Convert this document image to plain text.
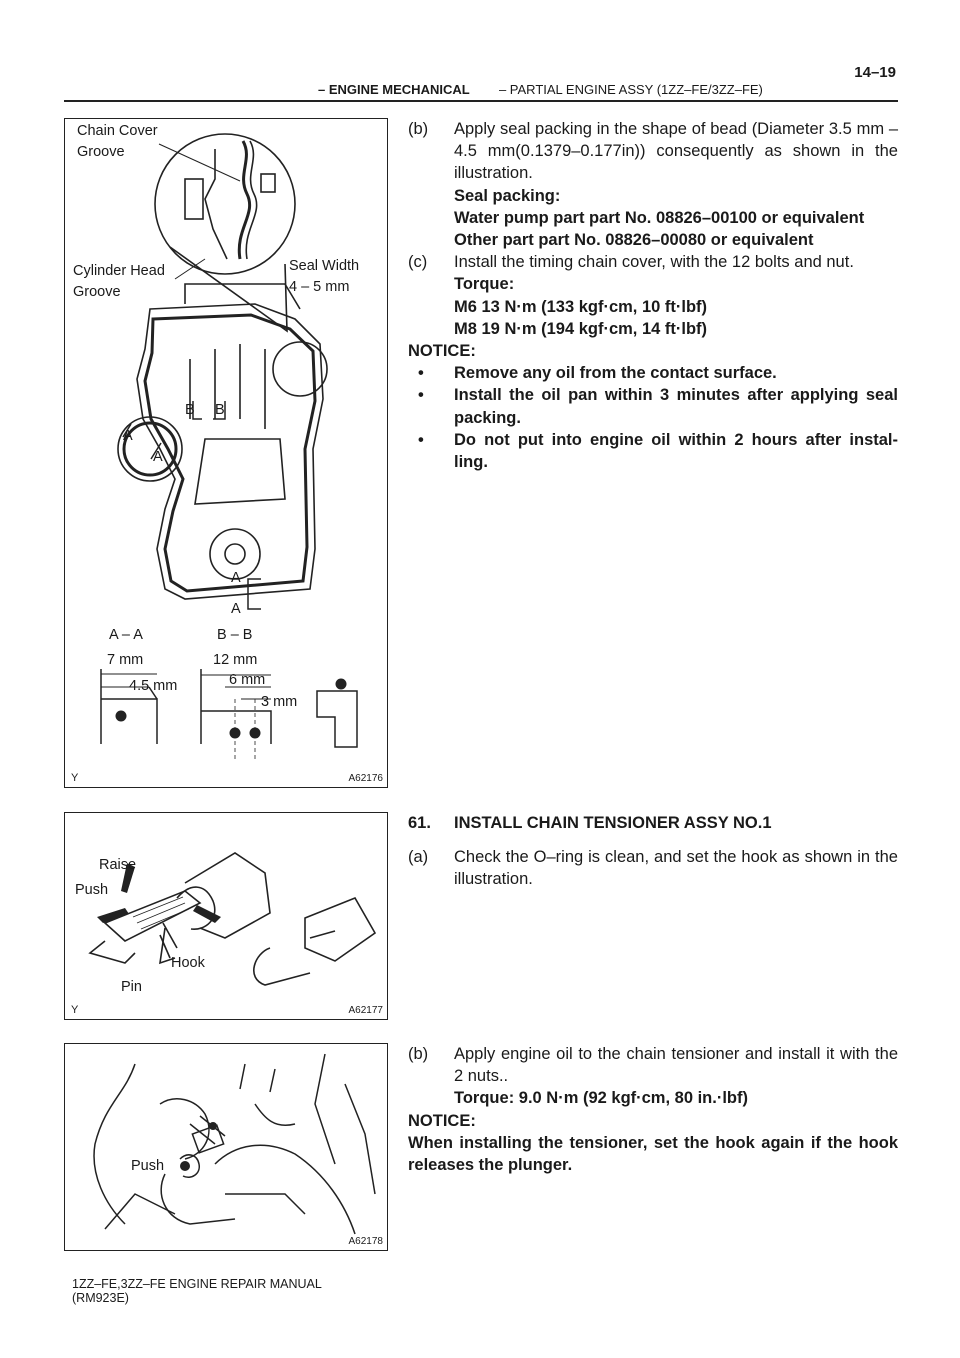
– ENGINE MECHANICAL – PARTIAL ENGINE ASSY (1ZZ–FE/3ZZ–FE)
14–19
Chain Cover
Groove
Cylinder Head
Groove
Seal Width
4 – 5 mm
A
A
B B
A
A
A – A	B – B
7 mm
4.5 mm
12 mm
6 mm
3 mm
Y	A62176
Raise
Push
Hook
Pin
Y	A62177
Push
A62178
(b) Apply seal packing in the shape of bead (Diameter 3.5 mm – 4.5 mm(0.1379–0.177in)) consequently as shown in the illustration.
Seal packing:
Water pump part part No. 08826–00100 or equivalent
Other part part No. 08826–00080 or equivalent
(c) Install the timing chain cover, with the 12 bolts and nut.
Torque:
M6 13 N·m (133 kgf·cm, 10 ft·lbf)
M8 19 N·m (194 kgf·cm, 14 ft·lbf)
NOTICE:
• Remove any oil from the contact surface.
• Install the oil pan within 3 minutes after applying seal packing.
• Do not put into engine oil within 2 hours after instal- ling.
61. INSTALL CHAIN TENSIONER ASSY NO.1
(a) Check the O–ring is clean, and set the hook as shown in the illustration.
(b) Apply engine oil to the chain tensioner and install it with the 2 nuts..
Torque: 9.0 N·m (92 kgf·cm, 80 in.·lbf)
NOTICE:
When installing the tensioner, set the hook again if the hook releases the plunger.
1ZZ–FE,3ZZ–FE ENGINE REPAIR MANUAL
(RM923E)
